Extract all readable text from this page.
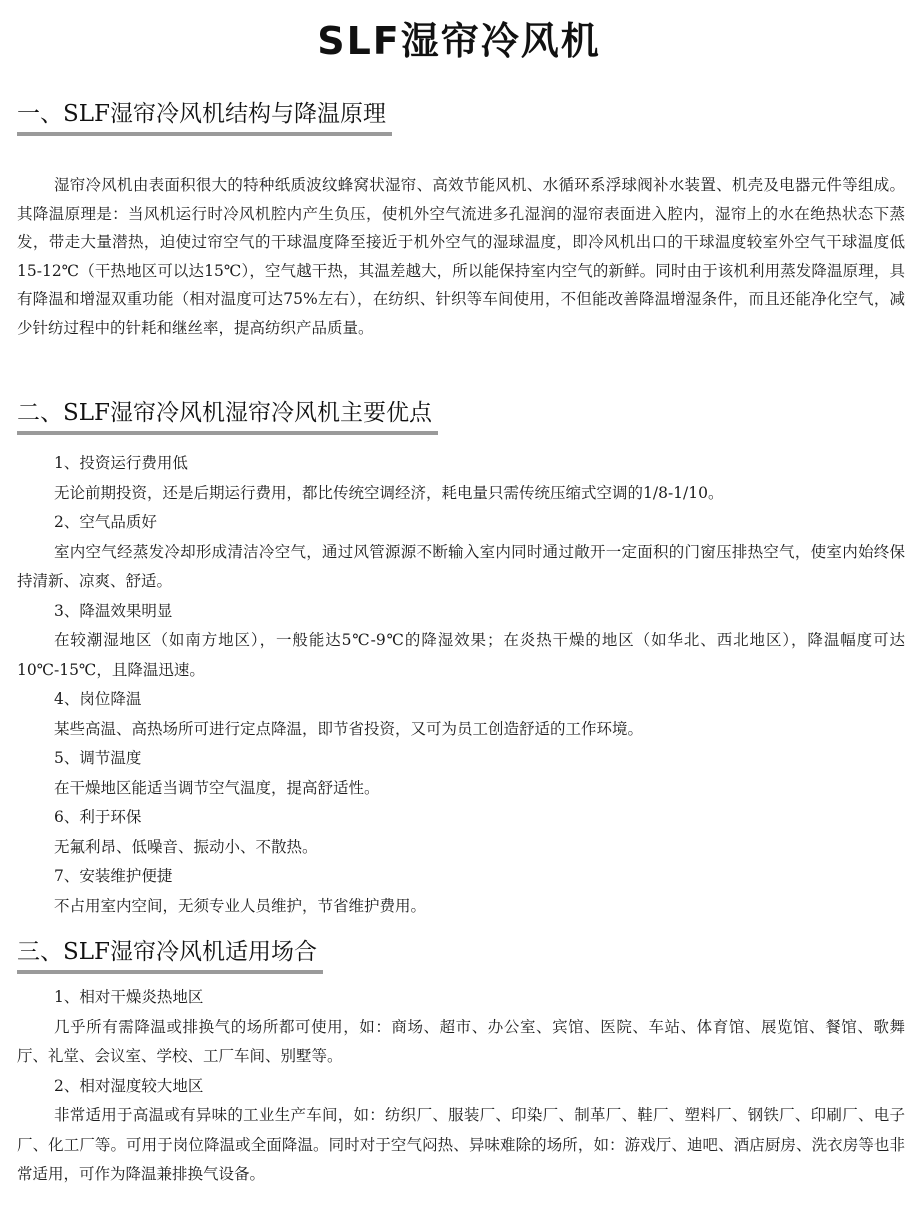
SLF湿帘冷风机
一、SLF湿帘冷风机结构与降温原理

湿帘冷风机由表面积很大的特种纸质波纹蜂窝状湿帘、高效节能风机、水循环系浮球阀补水装置、机壳及电器元件等组成。其降温原理是：当风机运行时冷风机腔内产生负压，使机外空气流进多孔湿润的湿帘表面进入腔内，湿帘上的水在绝热状态下蒸发，带走大量潜热，迫使过帘空气的干球温度降至接近于机外空气的湿球温度，即冷风机出口的干球温度较室外空气干球温度低15-12℃（干热地区可以达15℃），空气越干热，其温差越大，所以能保持室内空气的新鲜。同时由于该机利用蒸发降温原理，具有降温和增湿双重功能（相对温度可达75%左右），在纺织、针织等车间使用，不但能改善降温增湿条件，而且还能净化空气，减少针纺过程中的针耗和继丝率，提高纺织产品质量。

二、SLF湿帘冷风机湿帘冷风机主要优点

1、投资运行费用低

无论前期投资，还是后期运行费用，都比传统空调经济，耗电量只需传统压缩式空调的1/8-1/10。

2、空气品质好

室内空气经蒸发冷却形成清洁冷空气，通过风管源源不断输入室内同时通过敞开一定面积的门窗压排热空气，使室内始终保持清新、凉爽、舒适。

3、降温效果明显

在较潮湿地区（如南方地区），一般能达5℃-9℃的降湿效果；在炎热干燥的地区（如华北、西北地区），降温幅度可达10℃-15℃，且降温迅速。

4、岗位降温

某些高温、高热场所可进行定点降温，即节省投资，又可为员工创造舒适的工作环境。

5、调节温度

在干燥地区能适当调节空气温度，提高舒适性。

6、利于环保

无氟利昂、低噪音、振动小、不散热。

7、安装维护便捷

不占用室内空间，无须专业人员维护，节省维护费用。

三、SLF湿帘冷风机适用场合

1、相对干燥炎热地区

几乎所有需降温或排换气的场所都可使用，如：商场、超市、办公室、宾馆、医院、车站、体育馆、展览馆、餐馆、歌舞厅、礼堂、会议室、学校、工厂车间、别墅等。

2、相对湿度较大地区

非常适用于高温或有异味的工业生产车间，如：纺织厂、服装厂、印染厂、制革厂、鞋厂、塑料厂、钢铁厂、印刷厂、电子厂、化工厂等。可用于岗位降温或全面降温。同时对于空气闷热、异味难除的场所，如：游戏厅、迪吧、酒店厨房、洗衣房等也非常适用，可作为降温兼排换气设备。
